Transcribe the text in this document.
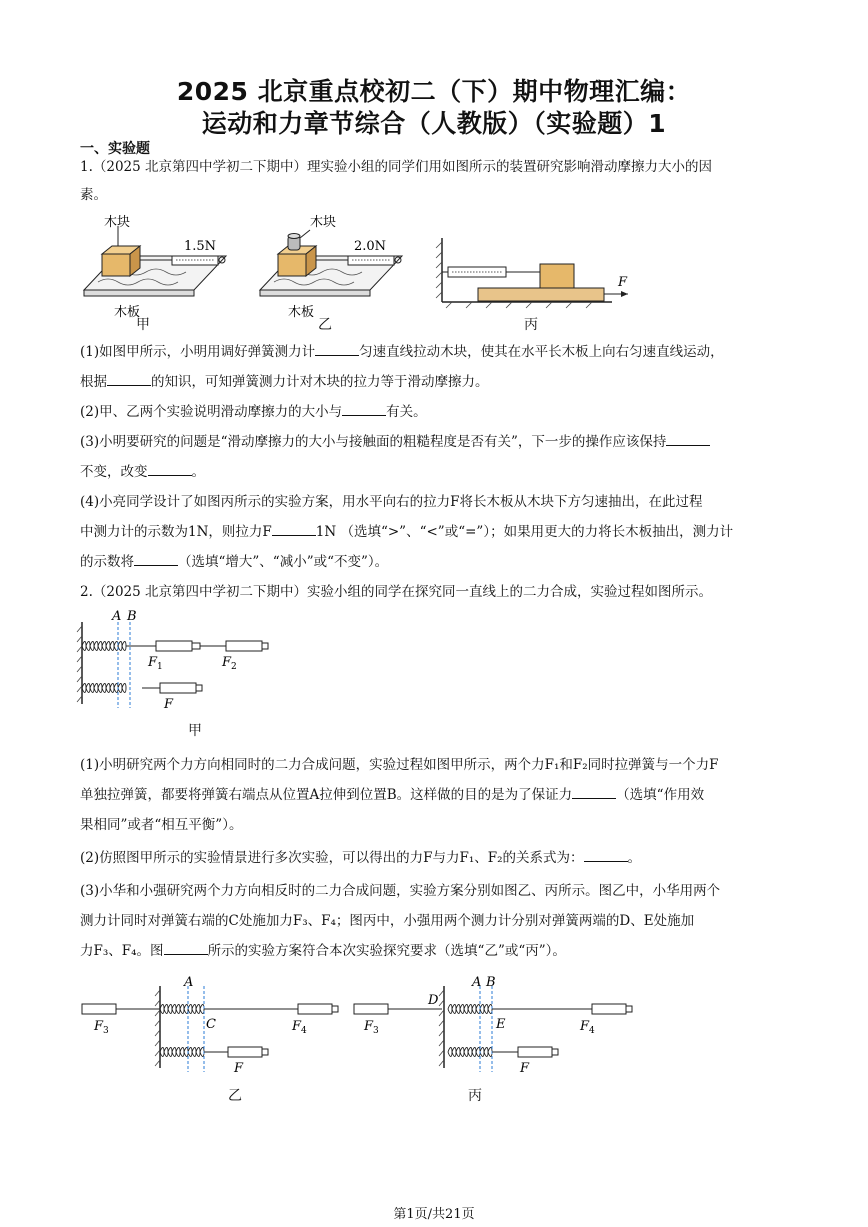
2025 北京重点校初二（下）期中物理汇编：
运动和力章节综合（人教版）（实验题）1
一、实验题
1.（2025 北京第四中学初二下期中）理实验小组的同学们用如图所示的装置研究影响滑动摩擦力大小的因
素。
木块
1.5N
木板
甲
木块
2.0N
木板
乙
F
丙
(1)如图甲所示，小明用调好弹簧测力计	匀速直线拉动木块，使其在水平长木板上向右匀速直线运动，
根据	的知识，可知弹簧测力计对木块的拉力等于滑动摩擦力。
(2)甲、乙两个实验说明滑动摩擦力的大小与	有关。
(3)小明要研究的问题是“滑动摩擦力的大小与接触面的粗糙程度是否有关”，下一步的操作应该保持
不变，改变	。
(4)小亮同学设计了如图丙所示的实验方案，用水平向右的拉力F将长木板从木块下方匀速抽出，在此过程
中测力计的示数为1N，则拉力F	1N （选填“>”、“<”或“=”）；如果用更大的力将长木板抽出，测力计
的示数将	（选填“增大”、“减小”或“不变”）。
2.（2025 北京第四中学初二下期中）实验小组的同学在探究同一直线上的二力合成，实验过程如图所示。
A B
$F_1$	$F_2$
F
甲
(1)小明研究两个力方向相同时的二力合成问题，实验过程如图甲所示，两个力F₁和F₂同时拉弹簧与一个力F
单独拉弹簧，都要将弹簧右端点从位置A拉伸到位置B。这样做的目的是为了保证力	（选填“作用效
果相同”或者“相互平衡”）。
(2)仿照图甲所示的实验情景进行多次实验，可以得出的力F与力F₁、F₂的关系式为：	。
(3)小华和小强研究两个力方向相反时的二力合成问题，实验方案分别如图乙、丙所示。图乙中，小华用两个
测力计同时对弹簧右端的C处施加力F₃、F₄；图丙中，小强用两个测力计分别对弹簧两端的D、E处施加
力F₃、F₄。图	所示的实验方案符合本次实验探究要求（选填“乙”或“丙”）。
$F_3$
A
C	$F_4$
F
乙
$F_3$
D
A B
E	$F_4$
F
丙
第1页/共21页
